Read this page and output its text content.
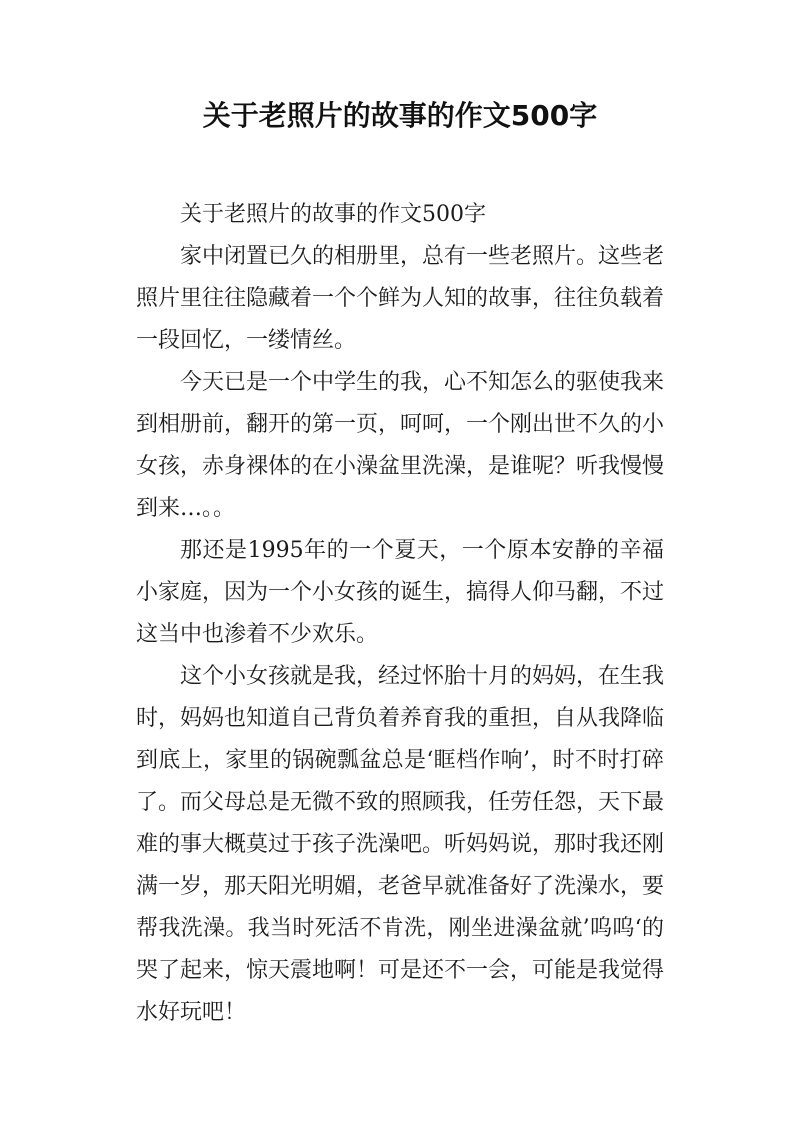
关于老照片的故事的作文500字

关于老照片的故事的作文500字

家中闭置已久的相册里，总有一些老照片。这些老照片里往往隐藏着一个个鲜为人知的故事，往往负载着一段回忆，一缕情丝。

今天已是一个中学生的我，心不知怎么的驱使我来到相册前，翻开的第一页，呵呵，一个刚出世不久的小女孩，赤身裸体的在小澡盆里洗澡，是谁呢？听我慢慢到来…。。

那还是1995年的一个夏天，一个原本安静的辛福小家庭，因为一个小女孩的诞生，搞得人仰马翻，不过这当中也渗着不少欢乐。

这个小女孩就是我，经过怀胎十月的妈妈，在生我时，妈妈也知道自己背负着养育我的重担，自从我降临到底上，家里的锅碗瓢盆总是‘眶档作响’，时不时打碎了。而父母总是无微不致的照顾我，任劳任怨，天下最难的事大概莫过于孩子洗澡吧。听妈妈说，那时我还刚满一岁，那天阳光明媚，老爸早就准备好了洗澡水，要帮我洗澡。我当时死活不肯洗，刚坐进澡盆就’呜呜‘的哭了起来，惊天震地啊！可是还不一会，可能是我觉得水好玩吧！
